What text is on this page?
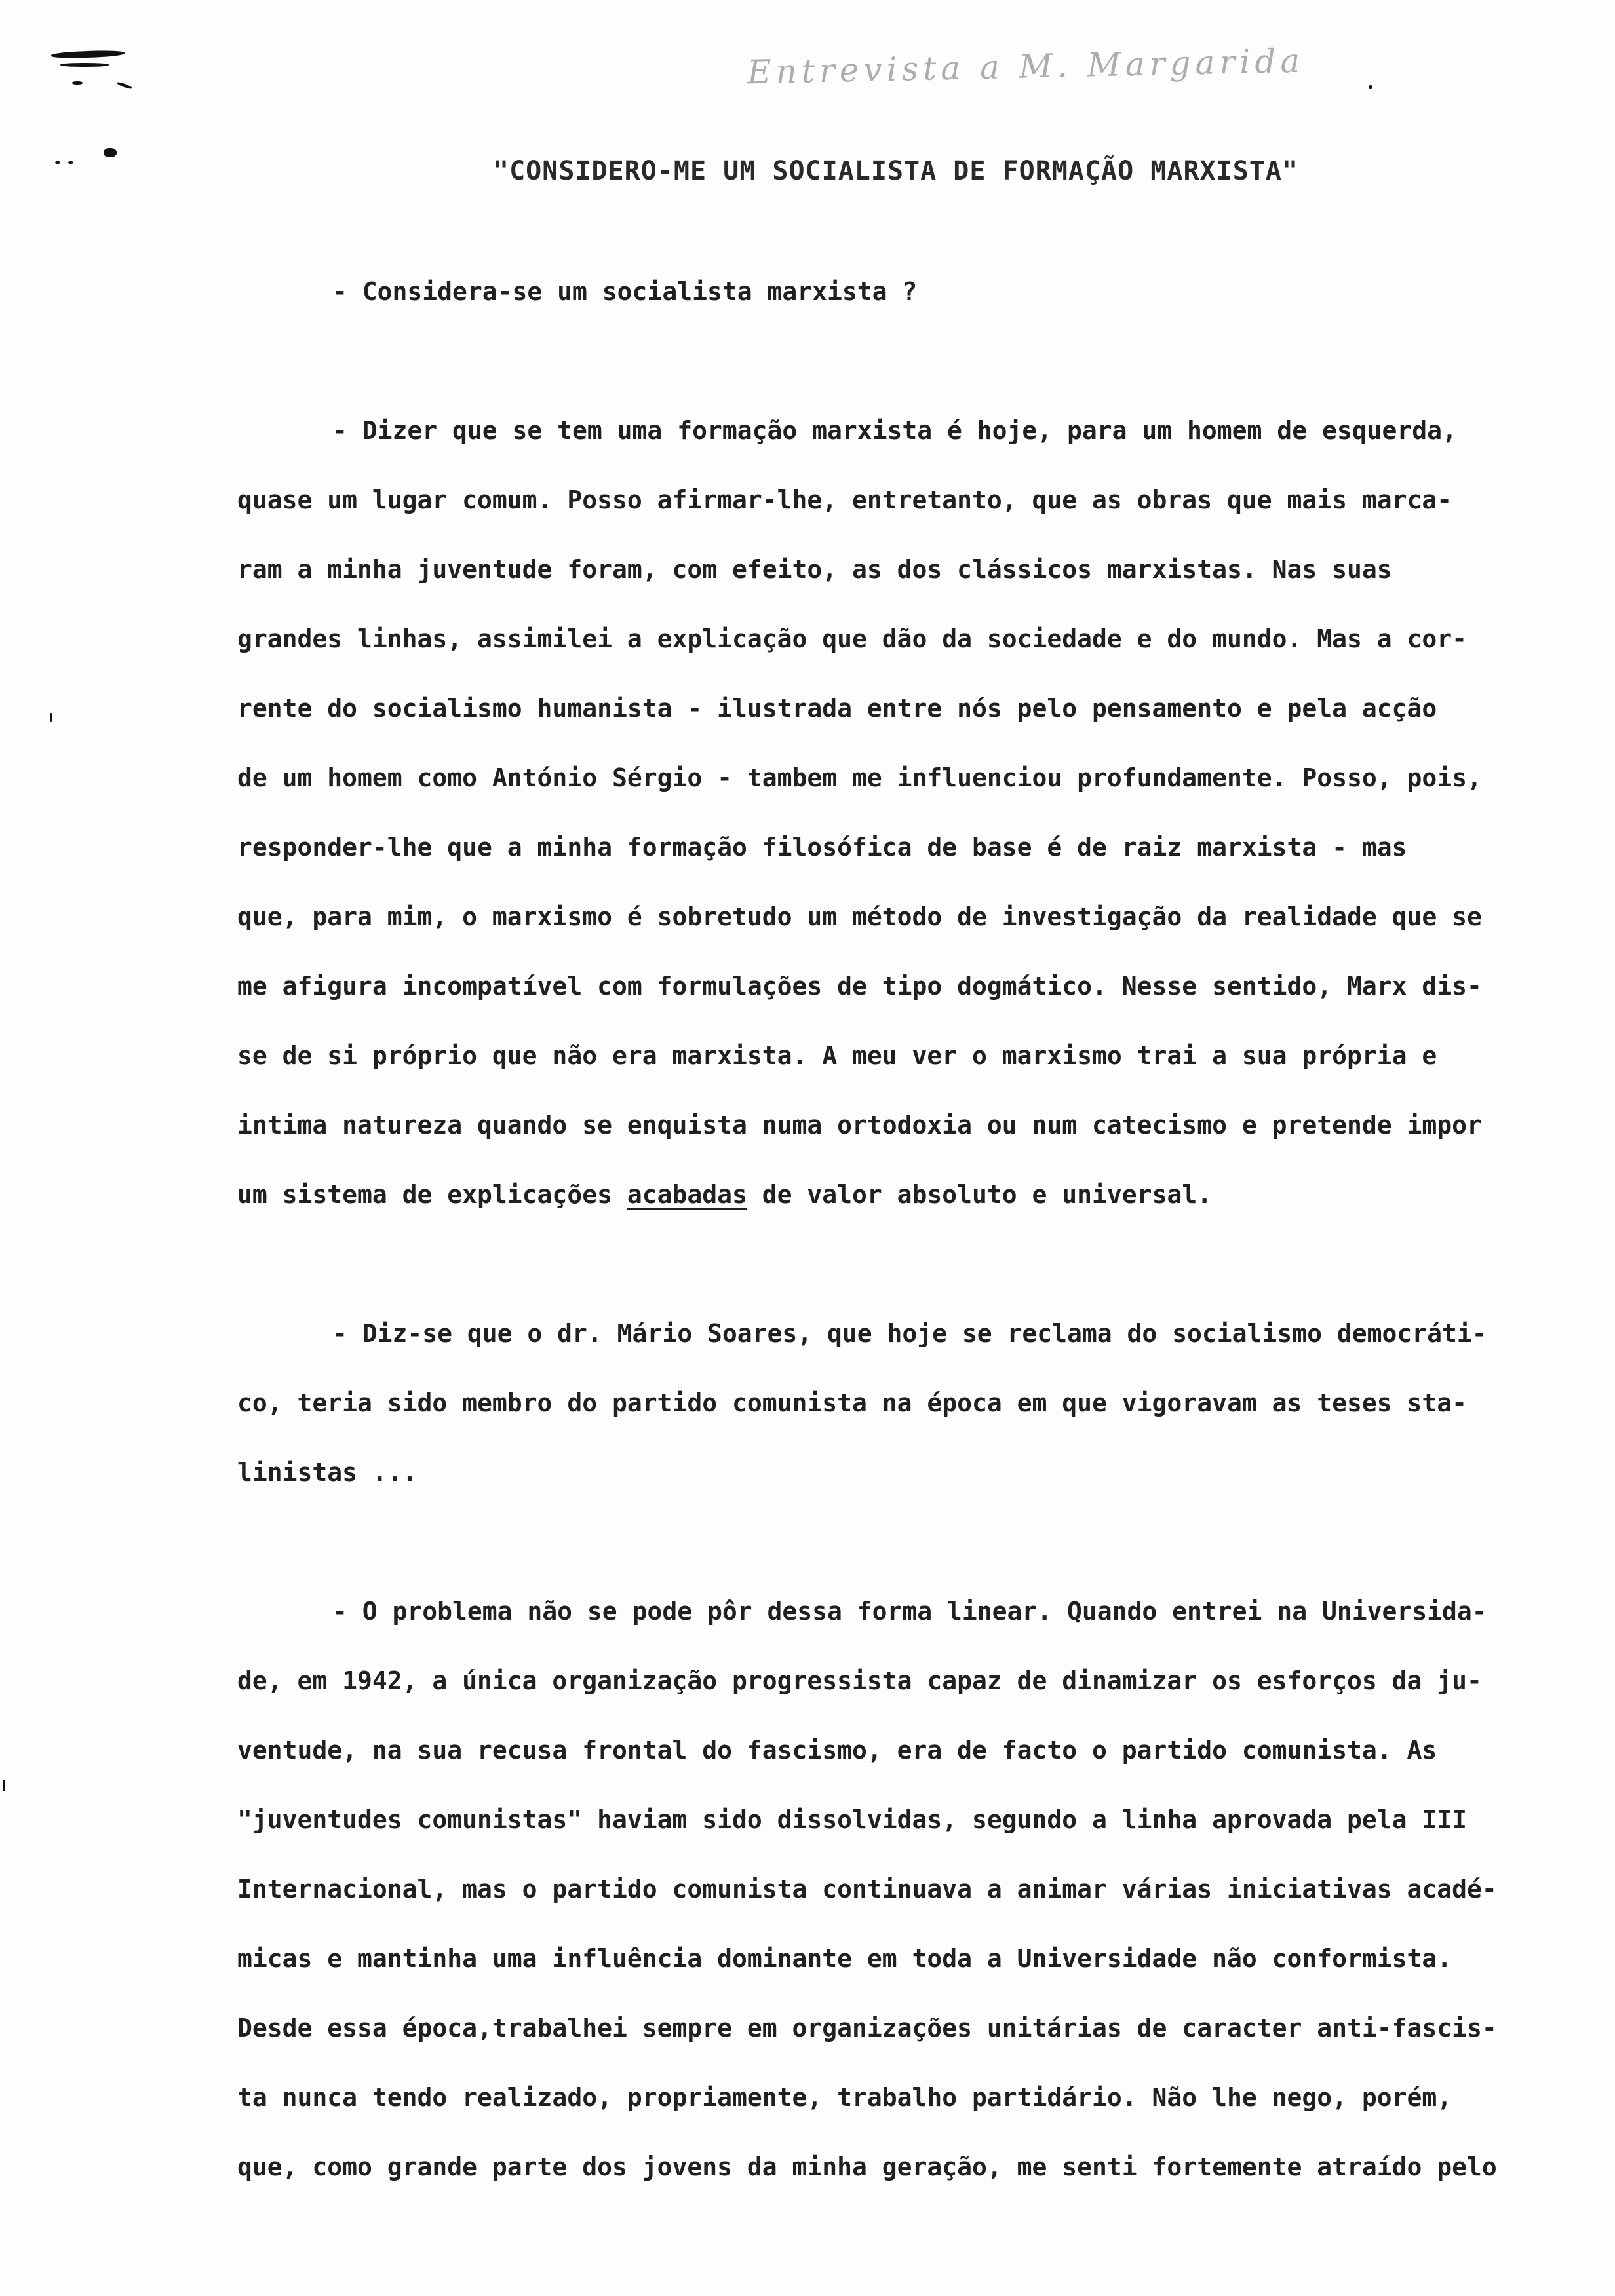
Entrevista a M. Margarida
"CONSIDERO-ME UM SOCIALISTA DE FORMAÇÃO MARXISTA"
- Considera-se um socialista marxista ?
- Dizer que se tem uma formação marxista é hoje, para um homem de esquerda,
quase um lugar comum. Posso afirmar-lhe, entretanto, que as obras que mais marca-
ram a minha juventude foram, com efeito, as dos clássicos marxistas. Nas suas
grandes linhas, assimilei a explicação que dão da sociedade e do mundo. Mas a cor-
rente do socialismo humanista - ilustrada entre nós pelo pensamento e pela acção
de um homem como António Sérgio - tambem me influenciou profundamente. Posso, pois,
responder-lhe que a minha formação filosófica de base é de raiz marxista - mas
que, para mim, o marxismo é sobretudo um método de investigação da realidade que se
me afigura incompatível com formulações de tipo dogmático. Nesse sentido, Marx dis-
se de si próprio que não era marxista. A meu ver o marxismo trai a sua própria e
intima natureza quando se enquista numa ortodoxia ou num catecismo e pretende impor
um sistema de explicações acabadas de valor absoluto e universal.
- Diz-se que o dr. Mário Soares, que hoje se reclama do socialismo democráti-
co, teria sido membro do partido comunista na época em que vigoravam as teses sta-
linistas ...
- O problema não se pode pôr dessa forma linear. Quando entrei na Universida-
de, em 1942, a única organização progressista capaz de dinamizar os esforços da ju-
ventude, na sua recusa frontal do fascismo, era de facto o partido comunista. As
"juventudes comunistas" haviam sido dissolvidas, segundo a linha aprovada pela III
Internacional, mas o partido comunista continuava a animar várias iniciativas acadé-
micas e mantinha uma influência dominante em toda a Universidade não conformista.
Desde essa época,trabalhei sempre em organizações unitárias de caracter anti-fascis-
ta nunca tendo realizado, propriamente, trabalho partidário. Não lhe nego, porém,
que, como grande parte dos jovens da minha geração, me senti fortemente atraído pelo
